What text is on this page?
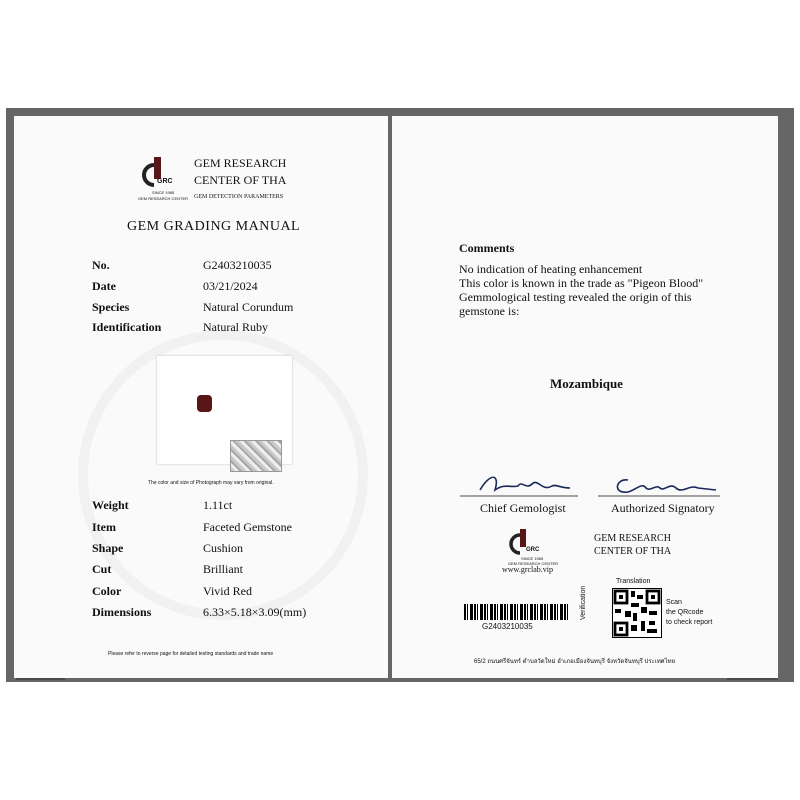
GRC
SINCE 1985
GEM RESEARCH CENTER
GEM RESEARCH
CENTER OF THA
GEM DETECTION PARAMETERS
GEM GRADING MANUAL
No.	G2403210035
Date	03/21/2024
Species	Natural Corundum
Identification	Natural Ruby
The color and size of Photograph may vary from original.
Weight	1.11ct
Item	Faceted Gemstone
Shape	Cushion
Cut	Brilliant
Color	Vivid Red
Dimensions	6.33×5.18×3.09(mm)
Please refer to reverse page for detailed testing standards and trade name
Comments
No indication of heating enhancement
This color is known in the trade as "Pigeon Blood"
Gemmological testing revealed the origin of this
gemstone is:
Mozambique
Chief Gemologist	Authorized Signatory
GRC
SINCE 1985
GEM RESEARCH CENTER
www.grclab.vip
GEM RESEARCH
CENTER OF THA
G2403210035
Translation
Verification	Scan
the QRcode
to check report
65/2 ถนนศรีจันทร์ ตำบลวัดใหม่ อำเภอเมืองจันทบุรี จังหวัดจันทบุรี ประเทศไทย
